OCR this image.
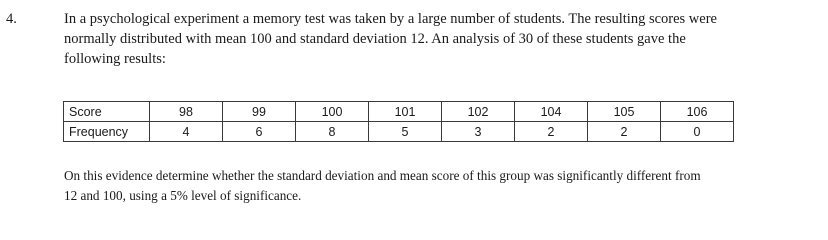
4.	In a psychological experiment a memory test was taken by a large number of students. The resulting scores were
normally distributed with mean 100 and standard deviation 12. An analysis of 30 of these students gave the
following results:
Score	98	99	100	101	102	104	105	106
Frequency	4	6	8	5	3	2	2	0
On this evidence determine whether the standard deviation and mean score of this group was significantly different from
12 and 100, using a 5% level of significance.
